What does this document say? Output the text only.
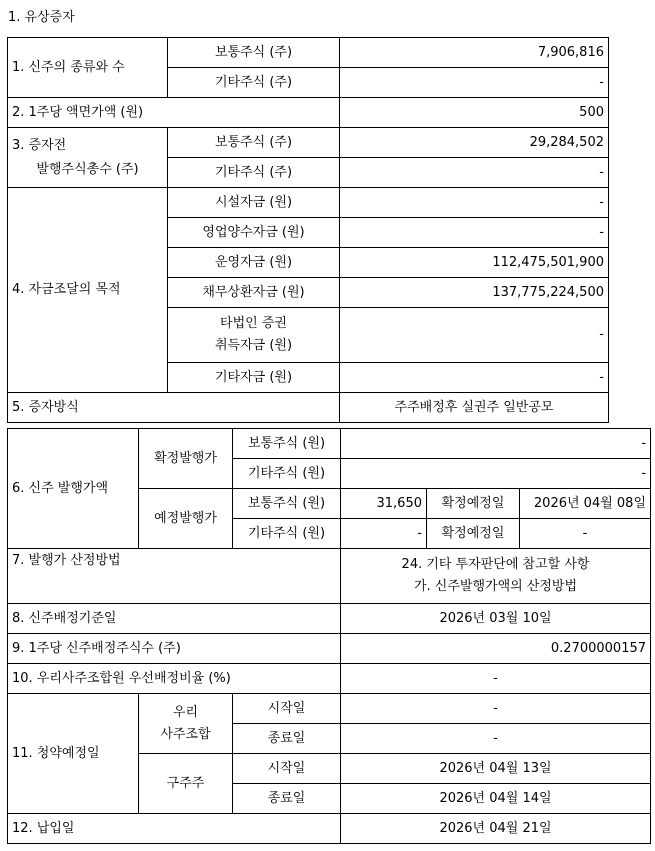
1. 유상증자
1. 신주의 종류와 수	보통주식 (주)	7,906,816
	기타주식 (주)	-
2. 1주당 액면가액 (원)		500

3. 증자전
발행주식총수 (주)	보통주식 (주)	29,284,502
	기타주식 (주)	-
4. 자금조달의 목적	시설자금 (원)	-
	영업양수자금 (원)	-
	운영자금 (원)	112,475,501,900
	채무상환자금 (원)	137,775,224,500

	타법인 증권
취득자금 (원)	-
	기타자금 (원)	-
5. 증자방식		주주배정후 실권주 일반공모
6. 신주 발행가액	확정발행가	보통주식 (원)	-		
		기타주식 (원)	-		
	예정발행가	보통주식 (원)	31,650	확정예정일	2026년 04월 08일
		기타주식 (원)	-	확정예정일	-
7. 발행가 산정방법			24. 기타 투자판단에 참고할 사항
가. 신주발행가액의 산정방법		

8. 신주배정기준일			2026년 03월 10일		
9. 1주당 신주배정주식수 (주)			0.2700000157		
10. 우리사주조합원 우선배정비율 (%)			-		
11. 청약예정일	우리
사주조합	시작일	-		
		종료일	-		
	구주주	시작일	2026년 04월 13일		
		종료일	2026년 04월 14일		
12. 납입일			2026년 04월 21일		
